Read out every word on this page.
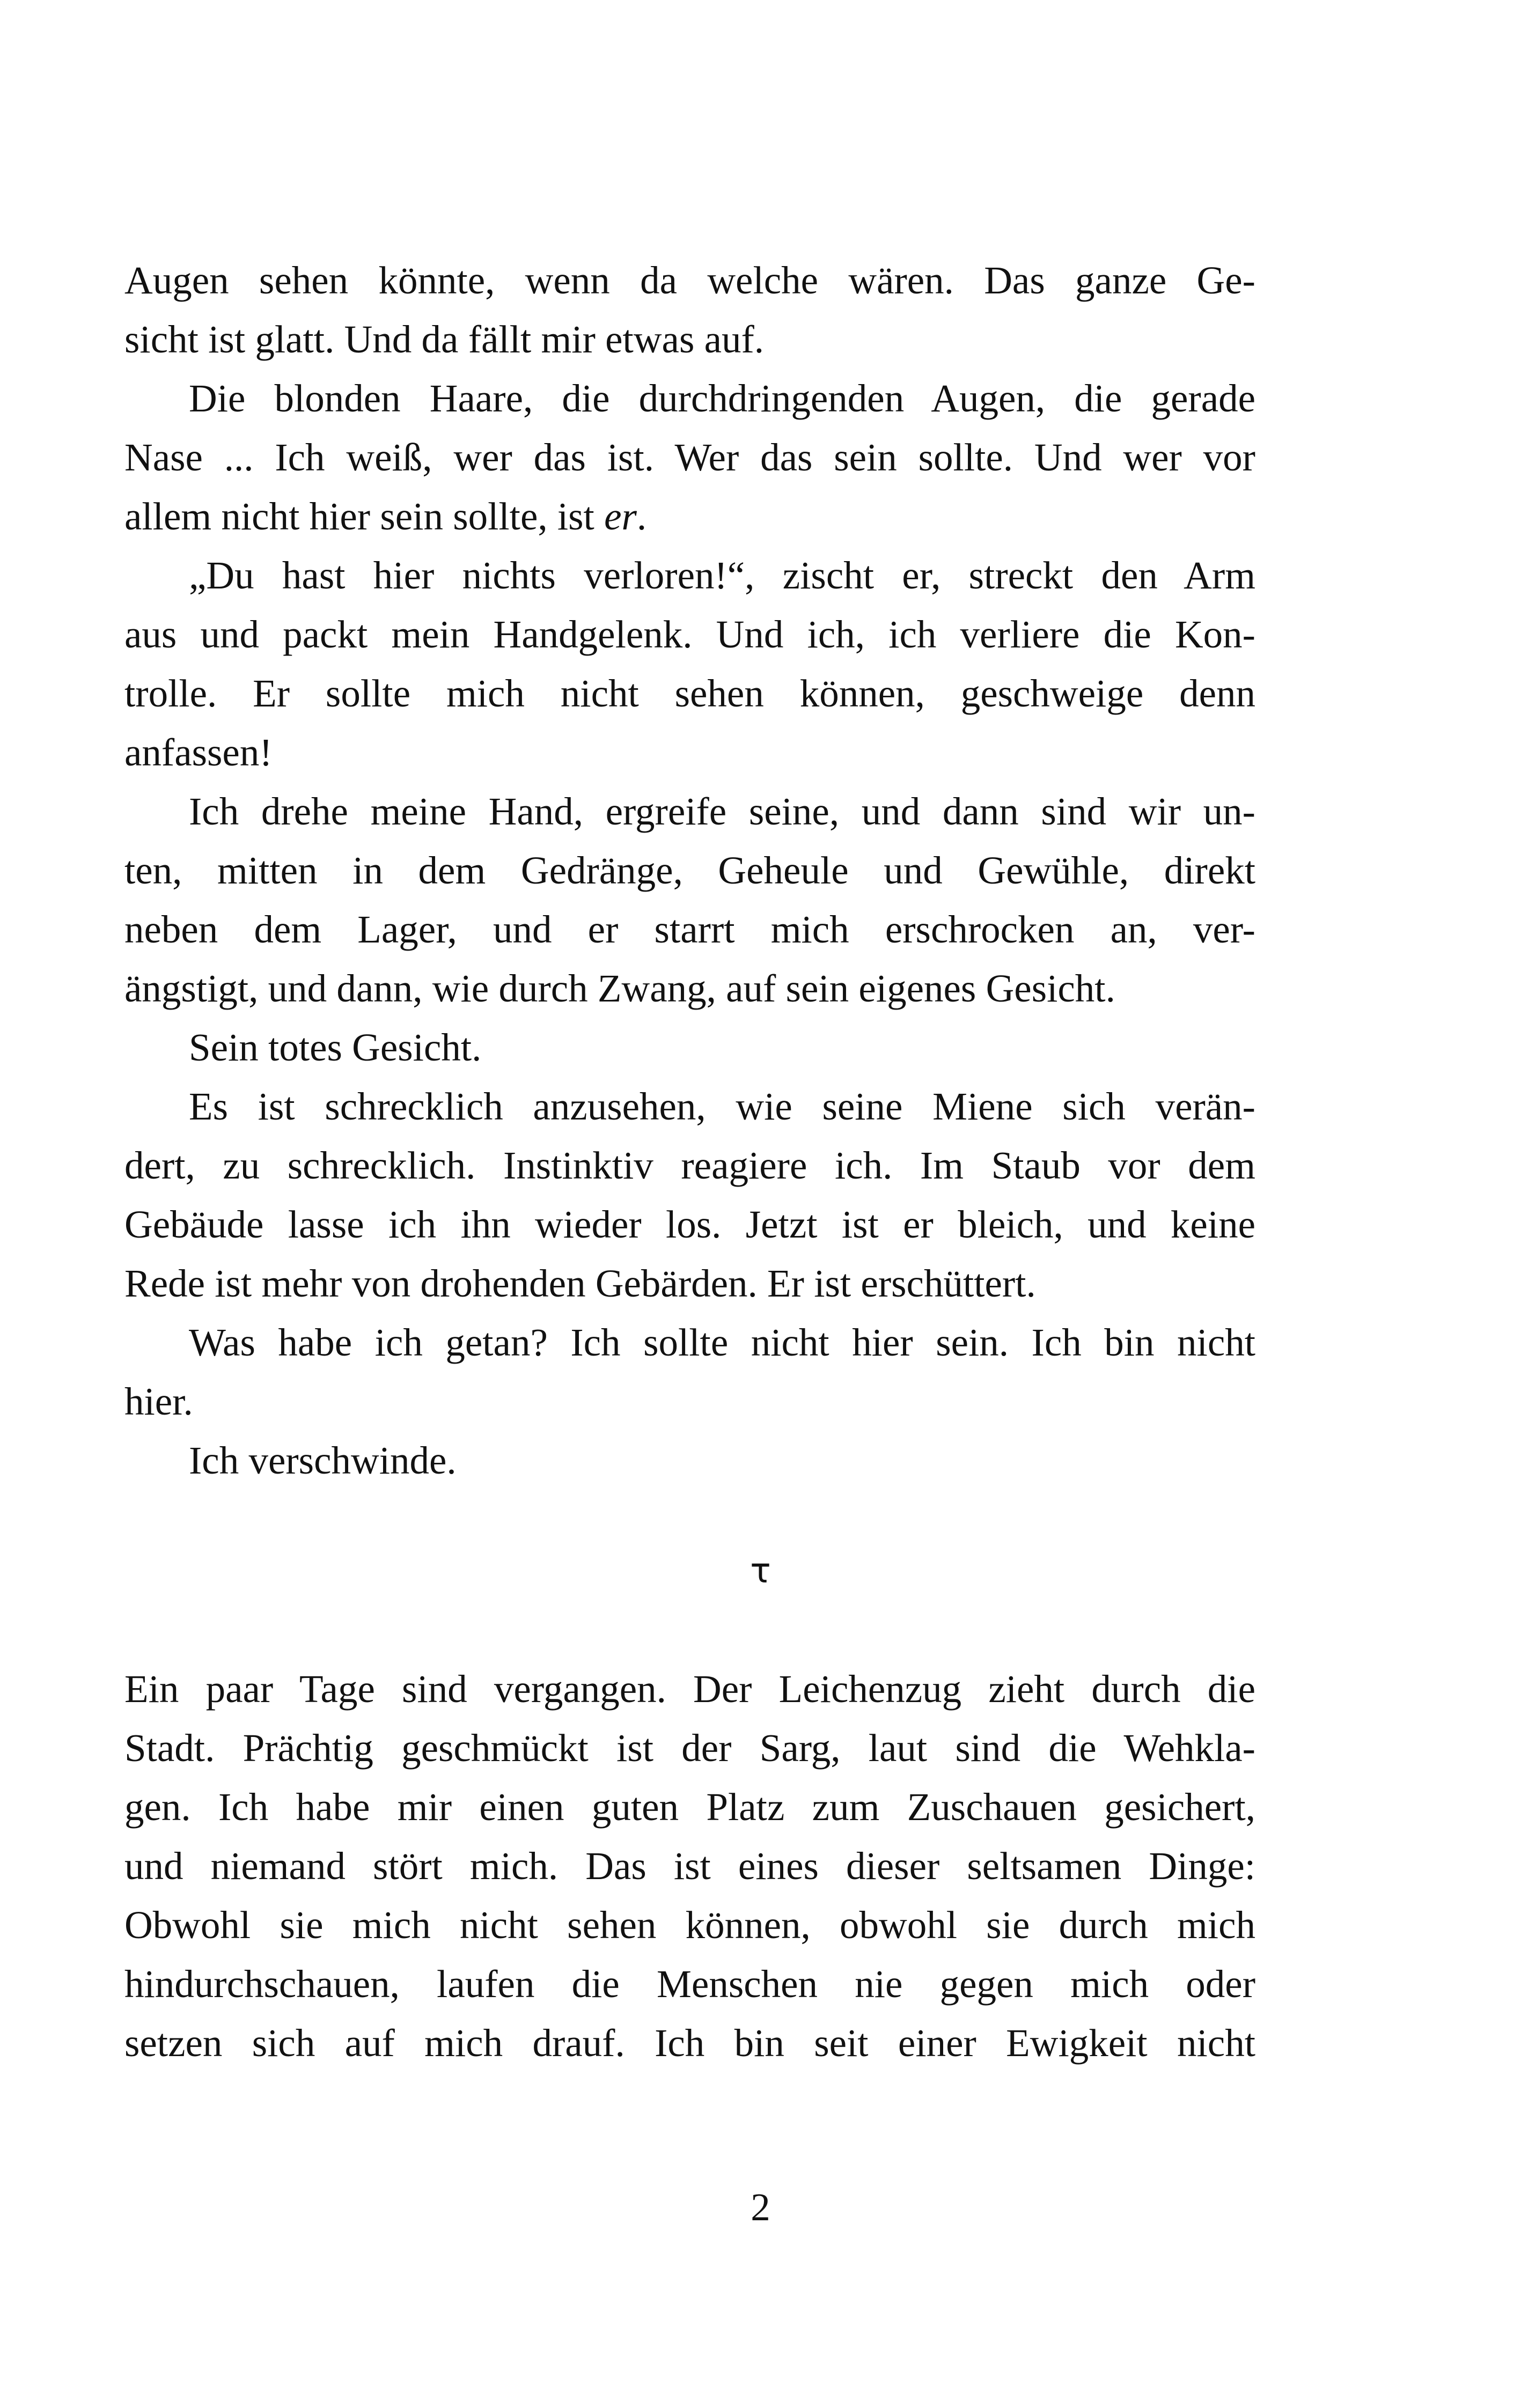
Augen sehen könnte, wenn da welche wären. Das ganze Ge-
sicht ist glatt. Und da fällt mir etwas auf.
Die blonden Haare, die durchdringenden Augen, die gerade
Nase ... Ich weiß, wer das ist. Wer das sein sollte. Und wer vor
allem nicht hier sein sollte, ist er.
„Du hast hier nichts verloren!“, zischt er, streckt den Arm
aus und packt mein Handgelenk. Und ich, ich verliere die Kon-
trolle. Er sollte mich nicht sehen können, geschweige denn
anfassen!
Ich drehe meine Hand, ergreife seine, und dann sind wir un-
ten, mitten in dem Gedränge, Geheule und Gewühle, direkt
neben dem Lager, und er starrt mich erschrocken an, ver-
ängstigt, und dann, wie durch Zwang, auf sein eigenes Gesicht.
Sein totes Gesicht.
Es ist schrecklich anzusehen, wie seine Miene sich verän-
dert, zu schrecklich. Instinktiv reagiere ich. Im Staub vor dem
Gebäude lasse ich ihn wieder los. Jetzt ist er bleich, und keine
Rede ist mehr von drohenden Gebärden. Er ist erschüttert.
Was habe ich getan? Ich sollte nicht hier sein. Ich bin nicht
hier.
Ich verschwinde.
τ
Ein paar Tage sind vergangen. Der Leichenzug zieht durch die
Stadt. Prächtig geschmückt ist der Sarg, laut sind die Wehkla-
gen. Ich habe mir einen guten Platz zum Zuschauen gesichert,
und niemand stört mich. Das ist eines dieser seltsamen Dinge:
Obwohl sie mich nicht sehen können, obwohl sie durch mich
hindurchschauen, laufen die Menschen nie gegen mich oder
setzen sich auf mich drauf. Ich bin seit einer Ewigkeit nicht
2
